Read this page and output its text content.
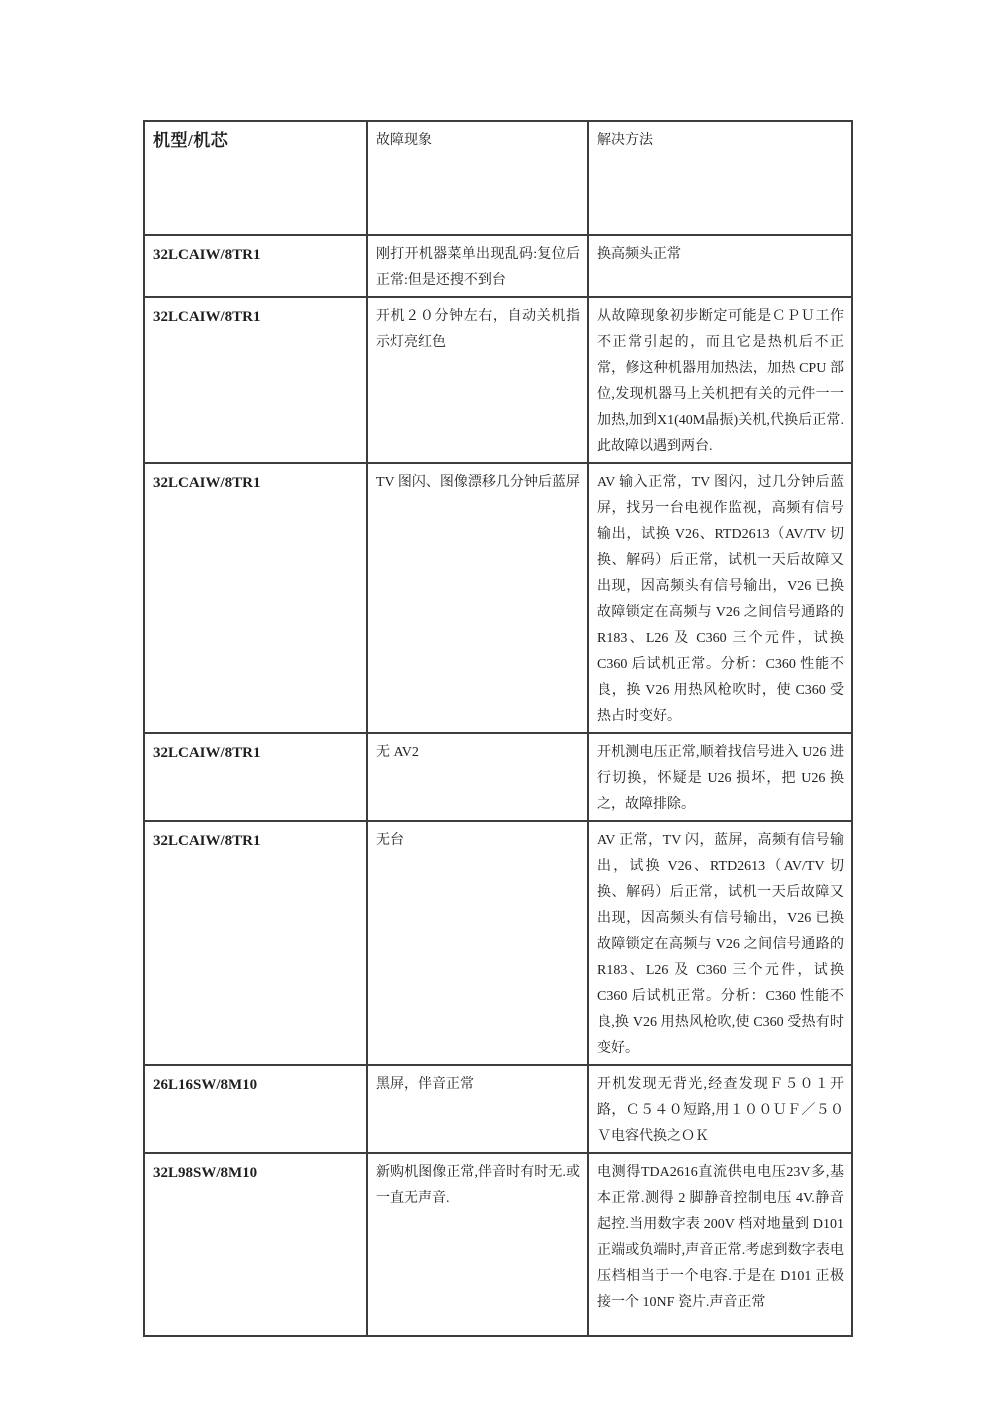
机型/机芯	故障现象	解决方法
32LCAIW/8TR1	刚打开机器菜单出现乱码:复位后正常:但是还搜不到台	换高频头正常
32LCAIW/8TR1	开机２０分钟左右，自动关机指示灯亮红色	从故障现象初步断定可能是ＣＰＵ工作不正常引起的，而且它是热机后不正常，修这种机器用加热法，加热 CPU 部位,发现机器马上关机把有关的元件一一加热,加到X1(40M晶振)关机,代换后正常.此故障以遇到两台.
32LCAIW/8TR1	TV 图闪、图像漂移几分钟后蓝屏	AV 输入正常，TV 图闪，过几分钟后蓝屏，找另一台电视作监视，高频有信号输出，试换 V26、RTD2613（AV/TV 切换、解码）后正常，试机一天后故障又出现，因高频头有信号输出，V26 已换故障锁定在高频与 V26 之间信号通路的 R183、L26 及 C360 三个元件，试换 C360 后试机正常。分析：C360 性能不良，换 V26 用热风枪吹时，使 C360 受热占时变好。
32LCAIW/8TR1	无 AV2	开机测电压正常,顺着找信号进入 U26 进行切换，怀疑是 U26 损坏，把 U26 换之，故障排除。
32LCAIW/8TR1	无台	AV 正常，TV 闪，蓝屏，高频有信号输出，试换 V26、RTD2613（AV/TV 切换、解码）后正常，试机一天后故障又出现，因高频头有信号输出，V26 已换故障锁定在高频与 V26 之间信号通路的 R183、L26 及 C360 三个元件，试换 C360 后试机正常。分析：C360 性能不良,换 V26 用热风枪吹,使 C360 受热有时变好。
26L16SW/8M10	黑屏，伴音正常	开机发现无背光,经查发现Ｆ５０１开路，Ｃ５４０短路,用１００ＵＦ／５０Ｖ电容代换之ＯＫ
32L98SW/8M10	新购机图像正常,伴音时有时无.或一直无声音.	电测得TDA2616直流供电电压23V多,基本正常.测得 2 脚静音控制电压 4V.静音起控.当用数字表 200V 档对地量到 D101 正端或负端时,声音正常.考虑到数字表电压档相当于一个电容.于是在 D101 正极接一个 10NF 瓷片.声音正常
